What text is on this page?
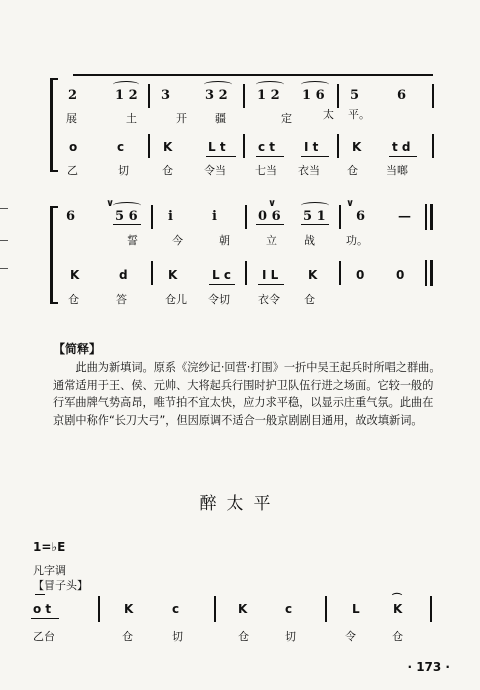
2	1 2 3	3 2 1 2 1 6 5	6
展	土	开	疆	定	太 平。
o	c	K	L t	c t I t	K	t d
乙	切	仓	令当	七当 衣当 仓	当啷
6
∨
5 6 i	i
∨
0 6 5 1
∨
6	—
誓	今	朝	立 战	功。
K	d	K	L c	I L K	0	0
仓	答	仓儿 令切	衣令 仓
【简释】
此曲为新填词。原系《浣纱记·回营·打围》一折中吴王起兵时所唱之群曲。通常适用于王、侯、元帅、大将起兵行围时护卫队伍行进之场面。它较一般的行军曲牌气势高昂，唯节拍不宜太快，应力求平稳，以显示庄重气氛。此曲在京剧中称作“长刀大弓”，但因原调不适合一般京剧剧目通用，故改填新词。
醉太平
1=♭E
凡字调
【冒子头】
o t	K	c	K	c	L	K
⌒
乙台	仓	切	仓	切	令	仓
· 173 ·
